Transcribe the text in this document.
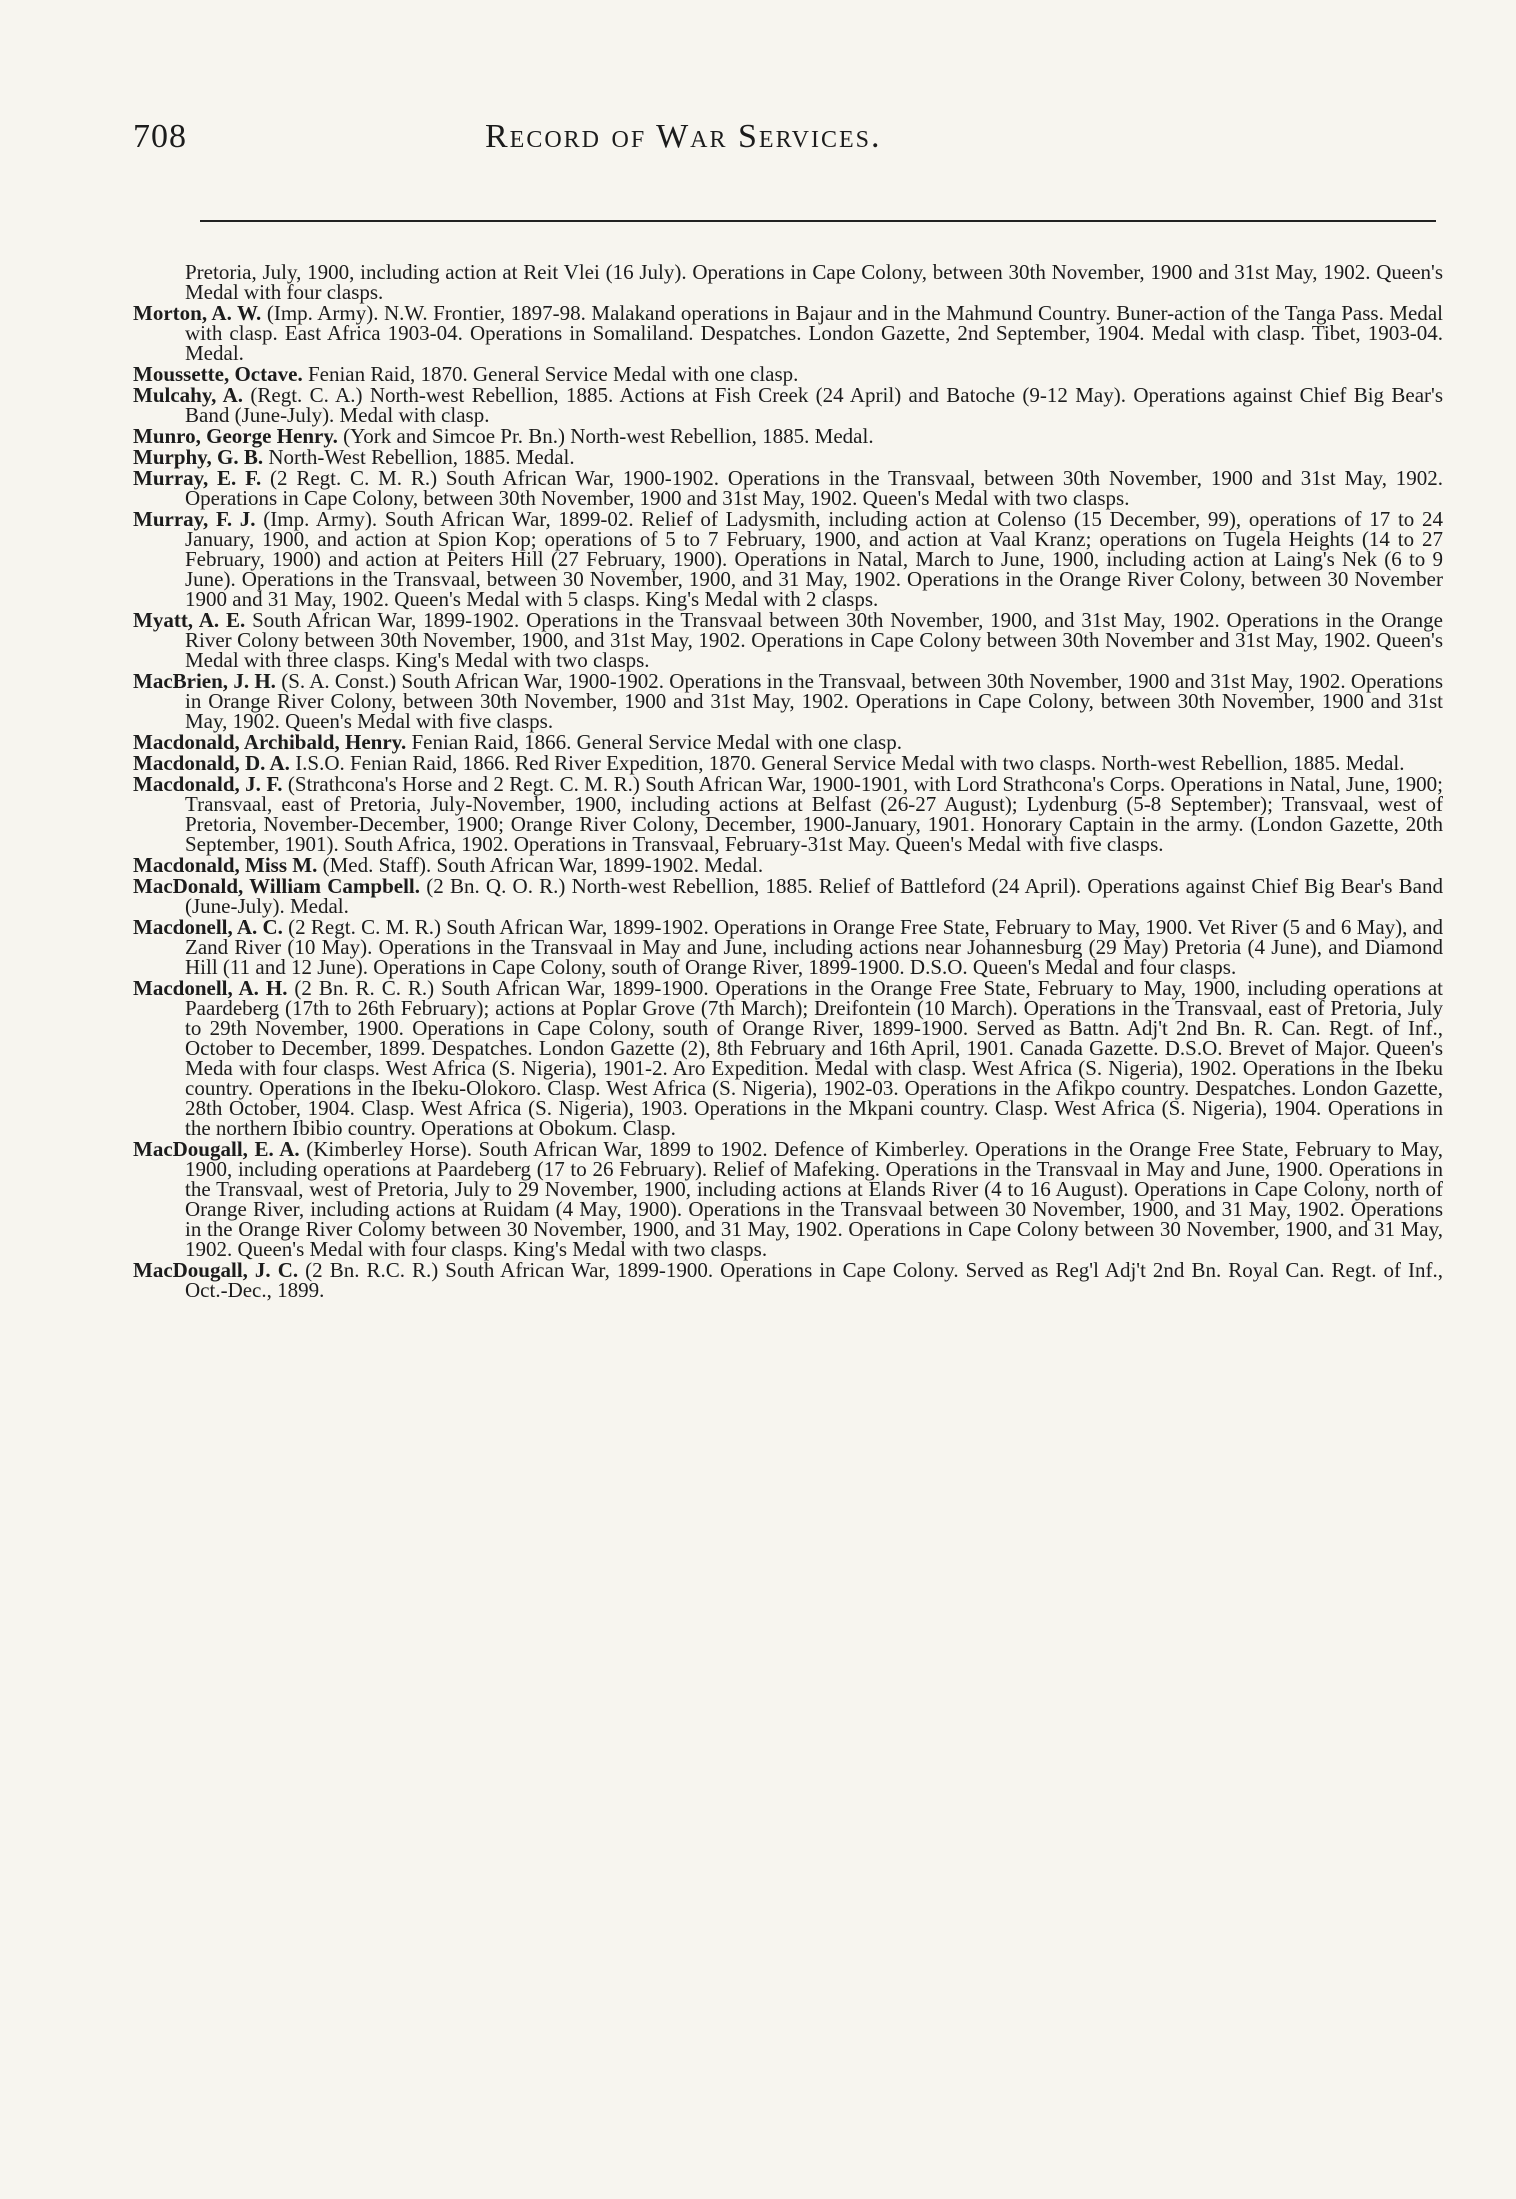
708	Record of War Services.

Pretoria, July, 1900, including action at Reit Vlei (16 July). Operations in Cape Colony, between 30th November, 1900 and 31st May, 1902. Queen's Medal with four clasps.

Morton, A. W. (Imp. Army). N.W. Frontier, 1897-98. Malakand operations in Bajaur and in the Mahmund Country. Buner-action of the Tanga Pass. Medal with clasp. East Africa 1903-04. Operations in Somaliland. Despatches. London Gazette, 2nd September, 1904. Medal with clasp. Tibet, 1903-04. Medal.

Moussette, Octave. Fenian Raid, 1870. General Service Medal with one clasp.

Mulcahy, A. (Regt. C. A.) North-west Rebellion, 1885. Actions at Fish Creek (24 April) and Batoche (9-12 May). Operations against Chief Big Bear's Band (June-July). Medal with clasp.

Munro, George Henry. (York and Simcoe Pr. Bn.) North-west Rebellion, 1885. Medal.

Murphy, G. B. North-West Rebellion, 1885. Medal.

Murray, E. F. (2 Regt. C. M. R.) South African War, 1900-1902. Operations in the Transvaal, between 30th November, 1900 and 31st May, 1902. Operations in Cape Colony, between 30th November, 1900 and 31st May, 1902. Queen's Medal with two clasps.

Murray, F. J. (Imp. Army). South African War, 1899-02. Relief of Ladysmith, including action at Colenso (15 December, 99), operations of 17 to 24 January, 1900, and action at Spion Kop; operations of 5 to 7 February, 1900, and action at Vaal Kranz; operations on Tugela Heights (14 to 27 February, 1900) and action at Peiters Hill (27 February, 1900). Operations in Natal, March to June, 1900, including action at Laing's Nek (6 to 9 June). Operations in the Transvaal, between 30 November, 1900, and 31 May, 1902. Operations in the Orange River Colony, between 30 November 1900 and 31 May, 1902. Queen's Medal with 5 clasps. King's Medal with 2 clasps.

Myatt, A. E. South African War, 1899-1902. Operations in the Transvaal between 30th November, 1900, and 31st May, 1902. Operations in the Orange River Colony between 30th November, 1900, and 31st May, 1902. Operations in Cape Colony between 30th November and 31st May, 1902. Queen's Medal with three clasps. King's Medal with two clasps.

MacBrien, J. H. (S. A. Const.) South African War, 1900-1902. Operations in the Transvaal, between 30th November, 1900 and 31st May, 1902. Operations in Orange River Colony, between 30th November, 1900 and 31st May, 1902. Operations in Cape Colony, between 30th November, 1900 and 31st May, 1902. Queen's Medal with five clasps.

Macdonald, Archibald, Henry. Fenian Raid, 1866. General Service Medal with one clasp.

Macdonald, D. A. I.S.O. Fenian Raid, 1866. Red River Expedition, 1870. General Service Medal with two clasps. North-west Rebellion, 1885. Medal.

Macdonald, J. F. (Strathcona's Horse and 2 Regt. C. M. R.) South African War, 1900-1901, with Lord Strathcona's Corps. Operations in Natal, June, 1900; Transvaal, east of Pretoria, July-November, 1900, including actions at Belfast (26-27 August); Lydenburg (5-8 September); Transvaal, west of Pretoria, November-December, 1900; Orange River Colony, December, 1900-January, 1901. Honorary Captain in the army. (London Gazette, 20th September, 1901). South Africa, 1902. Operations in Transvaal, February-31st May. Queen's Medal with five clasps.

Macdonald, Miss M. (Med. Staff). South African War, 1899-1902. Medal.

MacDonald, William Campbell. (2 Bn. Q. O. R.) North-west Rebellion, 1885. Relief of Battleford (24 April). Operations against Chief Big Bear's Band (June-July). Medal.

Macdonell, A. C. (2 Regt. C. M. R.) South African War, 1899-1902. Operations in Orange Free State, February to May, 1900. Vet River (5 and 6 May), and Zand River (10 May). Operations in the Transvaal in May and June, including actions near Johannesburg (29 May) Pretoria (4 June), and Diamond Hill (11 and 12 June). Operations in Cape Colony, south of Orange River, 1899-1900. D.S.O. Queen's Medal and four clasps.

Macdonell, A. H. (2 Bn. R. C. R.) South African War, 1899-1900. Operations in the Orange Free State, February to May, 1900, including operations at Paardeberg (17th to 26th February); actions at Poplar Grove (7th March); Dreifontein (10 March). Operations in the Transvaal, east of Pretoria, July to 29th November, 1900. Operations in Cape Colony, south of Orange River, 1899-1900. Served as Battn. Adj't 2nd Bn. R. Can. Regt. of Inf., October to December, 1899. Despatches. London Gazette (2), 8th February and 16th April, 1901. Canada Gazette. D.S.O. Brevet of Major. Queen's Meda with four clasps. West Africa (S. Nigeria), 1901-2. Aro Expedition. Medal with clasp. West Africa (S. Nigeria), 1902. Operations in the Ibeku country. Operations in the Ibeku-Olokoro. Clasp. West Africa (S. Nigeria), 1902-03. Operations in the Afikpo country. Despatches. London Gazette, 28th October, 1904. Clasp. West Africa (S. Nigeria), 1903. Operations in the Mkpani country. Clasp. West Africa (S. Nigeria), 1904. Operations in the northern Ibibio country. Operations at Obokum. Clasp.

MacDougall, E. A. (Kimberley Horse). South African War, 1899 to 1902. Defence of Kimberley. Operations in the Orange Free State, February to May, 1900, including operations at Paardeberg (17 to 26 February). Relief of Mafeking. Operations in the Transvaal in May and June, 1900. Operations in the Transvaal, west of Pretoria, July to 29 November, 1900, including actions at Elands River (4 to 16 August). Operations in Cape Colony, north of Orange River, including actions at Ruidam (4 May, 1900). Operations in the Transvaal between 30 November, 1900, and 31 May, 1902. Operations in the Orange River Colomy between 30 November, 1900, and 31 May, 1902. Operations in Cape Colony between 30 November, 1900, and 31 May, 1902. Queen's Medal with four clasps. King's Medal with two clasps.

MacDougall, J. C. (2 Bn. R.C. R.) South African War, 1899-1900. Operations in Cape Colony. Served as Reg'l Adj't 2nd Bn. Royal Can. Regt. of Inf., Oct.-Dec., 1899.
